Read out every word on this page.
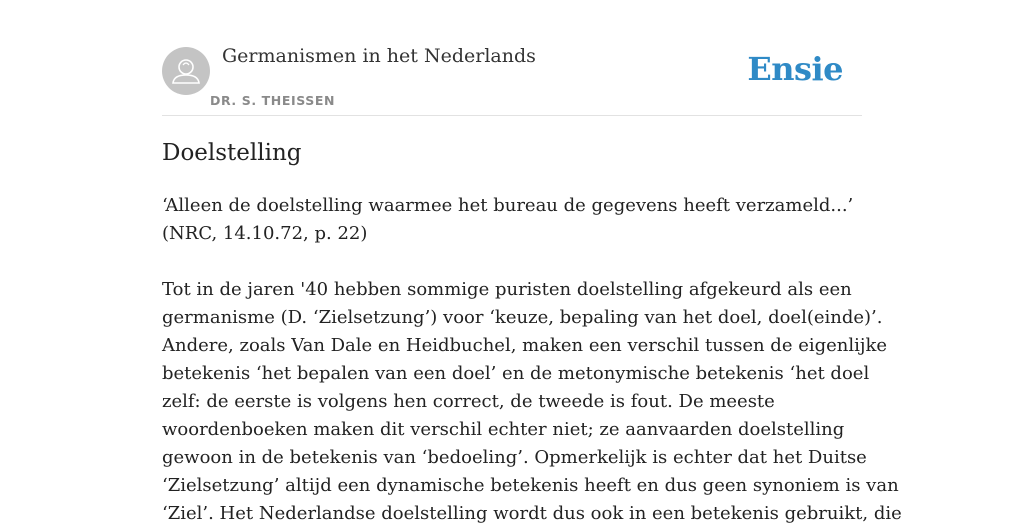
Germanismen in het Nederlands
DR. S. THEISSEN
Ensie
Doelstelling

‘Alleen de doelstelling waarmee het bureau de gegevens heeft verzameld...’
(NRC, 14.10.72, p. 22)

Tot in de jaren '40 hebben sommige puristen doelstelling afgekeurd als een
germanisme (D. ‘Zielsetzung’) voor ‘keuze, bepaling van het doel, doel(einde)’.
Andere, zoals Van Dale en Heidbuchel, maken een verschil tussen de eigenlijke
betekenis ‘het bepalen van een doel’ en de metonymische betekenis ‘het doel
zelf: de eerste is volgens hen correct, de tweede is fout. De meeste
woordenboeken maken dit verschil echter niet; ze aanvaarden doelstelling
gewoon in de betekenis van ‘bedoeling’. Opmerkelijk is echter dat het Duitse
‘Zielsetzung’ altijd een dynamische betekenis heeft en dus geen synoniem is van
‘Ziel’. Het Nederlandse doelstelling wordt dus ook in een betekenis gebruikt, die
